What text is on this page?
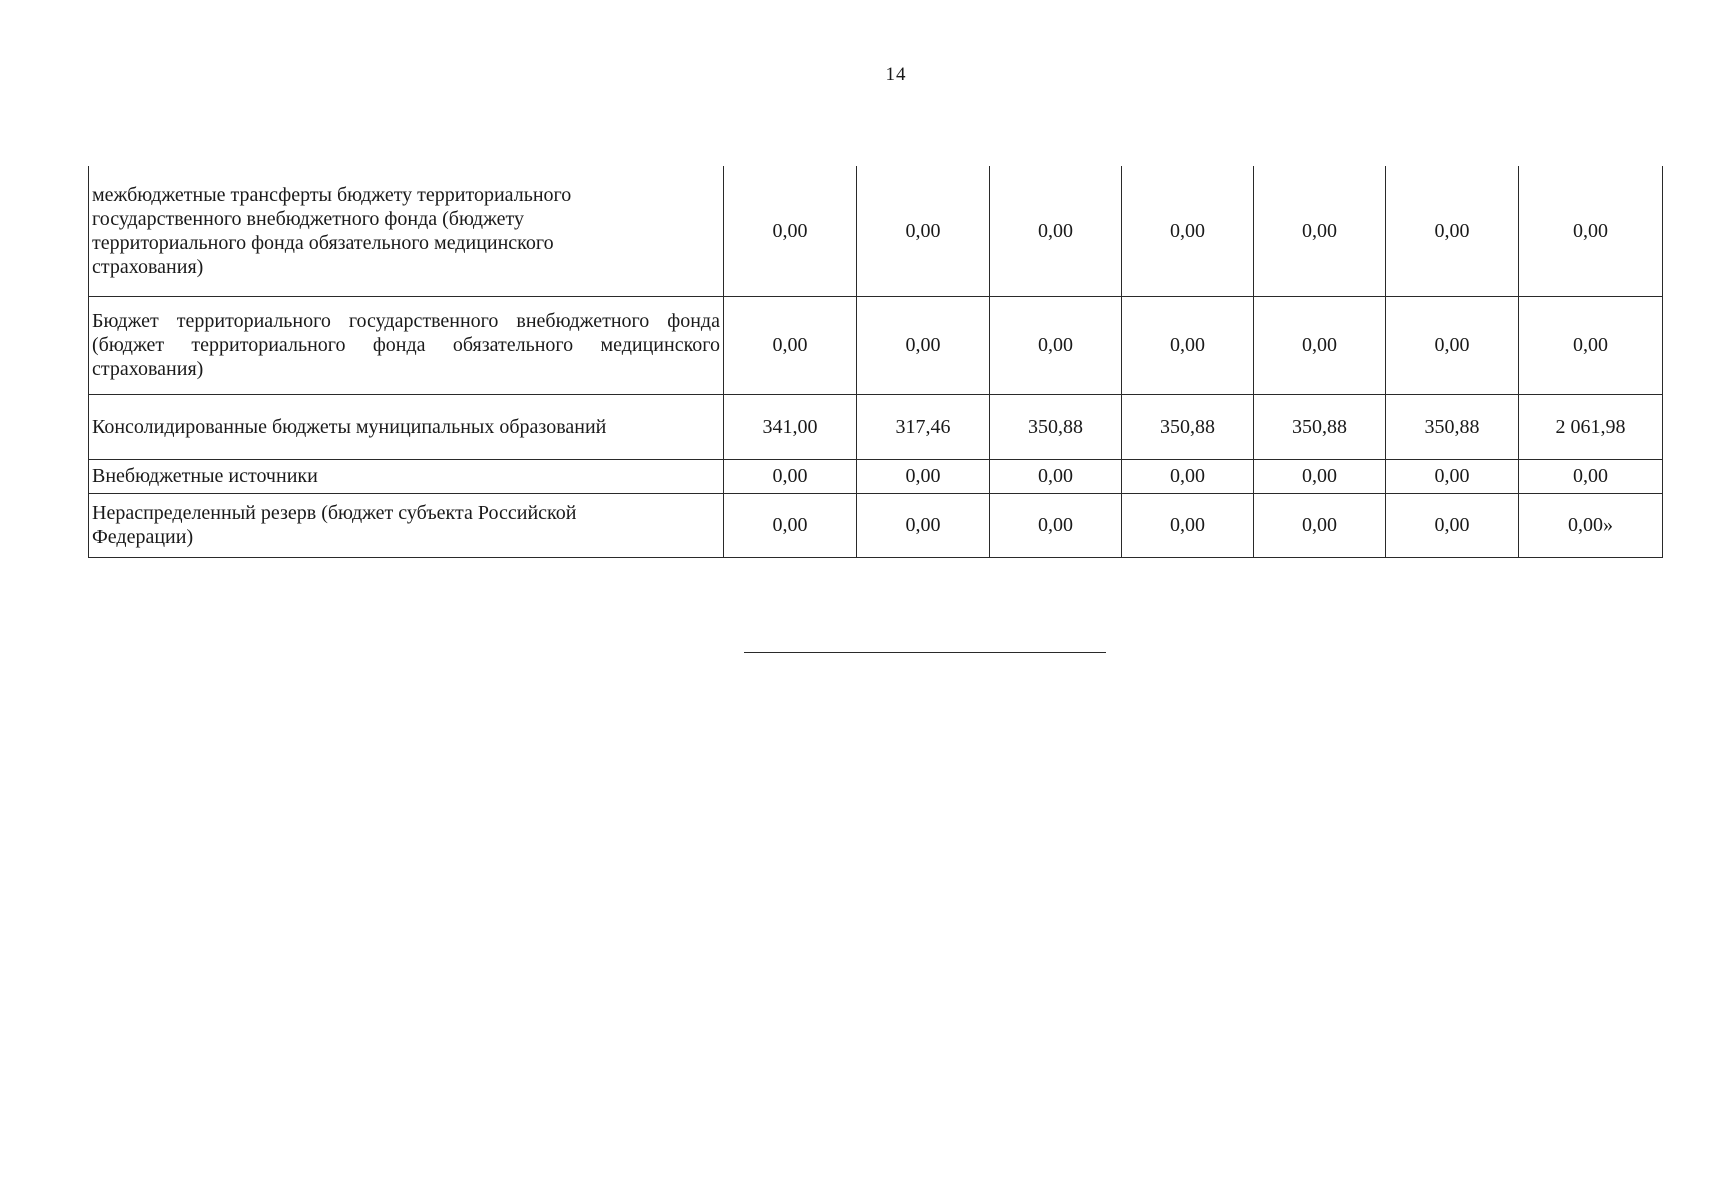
14
межбюджетные трансферты бюджету территориального
государственного внебюджетного фонда (бюджету
территориального фонда обязательного медицинского
страхования)	0,00	0,00	0,00	0,00	0,00	0,00	0,00
Бюджет территориального государственного внебюджетного фонда (бюджет территориального фонда обязательного медицинского страхования)	0,00	0,00	0,00	0,00	0,00	0,00	0,00
Консолидированные бюджеты муниципальных образований	341,00	317,46	350,88	350,88	350,88	350,88	2 061,98
Внебюджетные источники	0,00	0,00	0,00	0,00	0,00	0,00	0,00
Нераспределенный резерв (бюджет субъекта Российской
Федерации)	0,00	0,00	0,00	0,00	0,00	0,00	0,00»
